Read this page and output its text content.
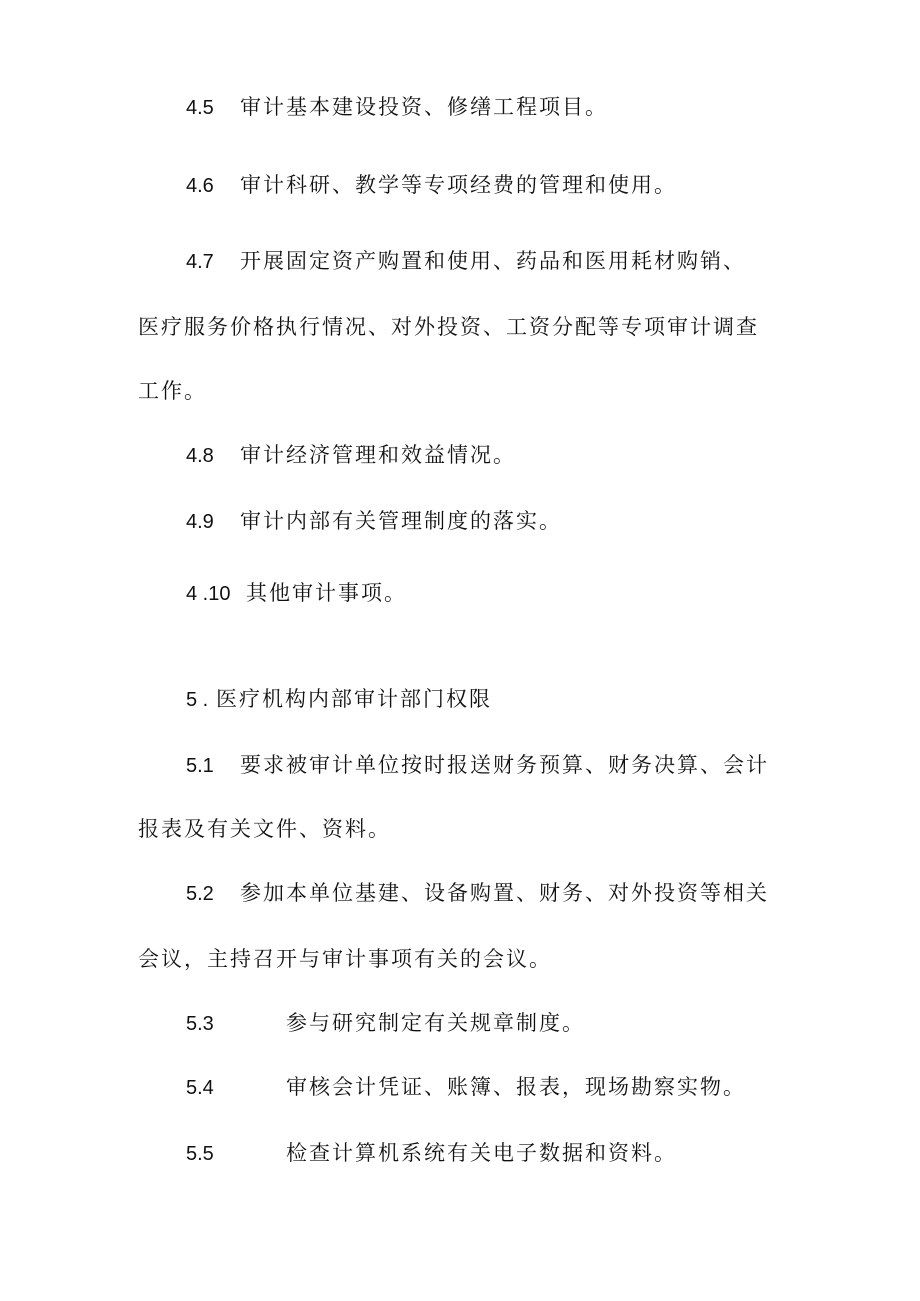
4.5 审计基本建设投资、修缮工程项目。
4.6 审计科研、教学等专项经费的管理和使用。
4.7 开展固定资产购置和使用、药品和医用耗材购销、
医疗服务价格执行情况、对外投资、工资分配等专项审计调查
工作。
4.8 审计经济管理和效益情况。
4.9 审计内部有关管理制度的落实。
4 .10 其他审计事项。
5 . 医疗机构内部审计部门权限
5.1 要求被审计单位按时报送财务预算、财务决算、会计
报表及有关文件、资料。
5.2 参加本单位基建、设备购置、财务、对外投资等相关
会议，主持召开与审计事项有关的会议。
5.3	参与研究制定有关规章制度。
5.4	审核会计凭证、账簿、报表，现场勘察实物。
5.5	检查计算机系统有关电子数据和资料。
